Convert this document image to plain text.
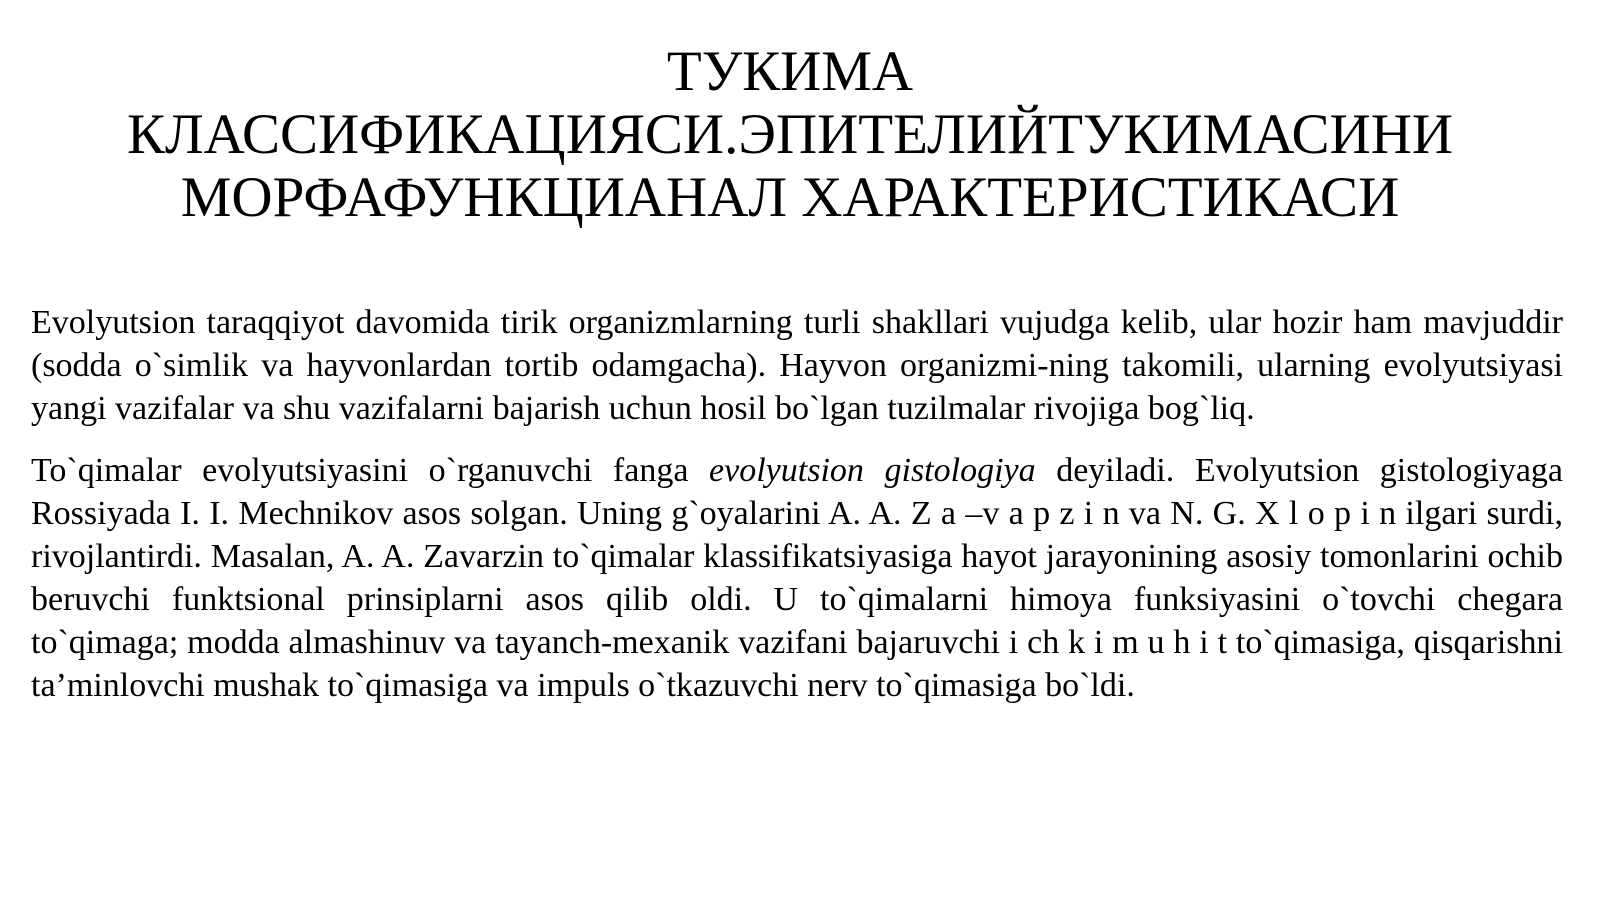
ТУКИМА
КЛАССИФИКАЦИЯСИ.ЭПИТЕЛИЙТУКИМАСИНИ
МОРФАФУНКЦИАНАЛ ХАРАКТЕРИСТИКАСИ

Evolyutsion taraqqiyot davomida tirik organizmlarning turli shakllari vujudga kelib, ular hozir ham mavjuddir (sodda o`simlik va hayvonlardan tortib odamgacha). Hayvon organizmi-ning takomili, ularning evolyutsiyasi yangi vazifalar va shu vazifalarni bajarish uchun hosil bo`lgan tuzilmalar rivojiga bog`liq.

To`qimalar evolyutsiyasini o`rganuvchi fanga evolyutsion gistologiya deyiladi. Evolyutsion gistologiyaga Rossiyada I. I. Mechnikov asos solgan. Uning g`oyalarini A. A. Z a –v a p z i n va N. G. X l o p i n ilgari surdi, rivojlantirdi. Masalan, A. A. Zavarzin to`qimalar klassifikatsiyasiga hayot jarayonining asosiy tomonlarini ochib beruvchi funktsional prinsiplarni asos qilib oldi. U to`qimalarni himoya funksiyasini o`tovchi chegara to`qimaga; modda almashinuv va tayanch-mexanik vazifani bajaruvchi i ch k i m u h i t to`qimasiga, qisqarishni ta’minlovchi mushak to`qimasiga va impuls o`tkazuvchi nerv to`qimasiga bo`ldi.
